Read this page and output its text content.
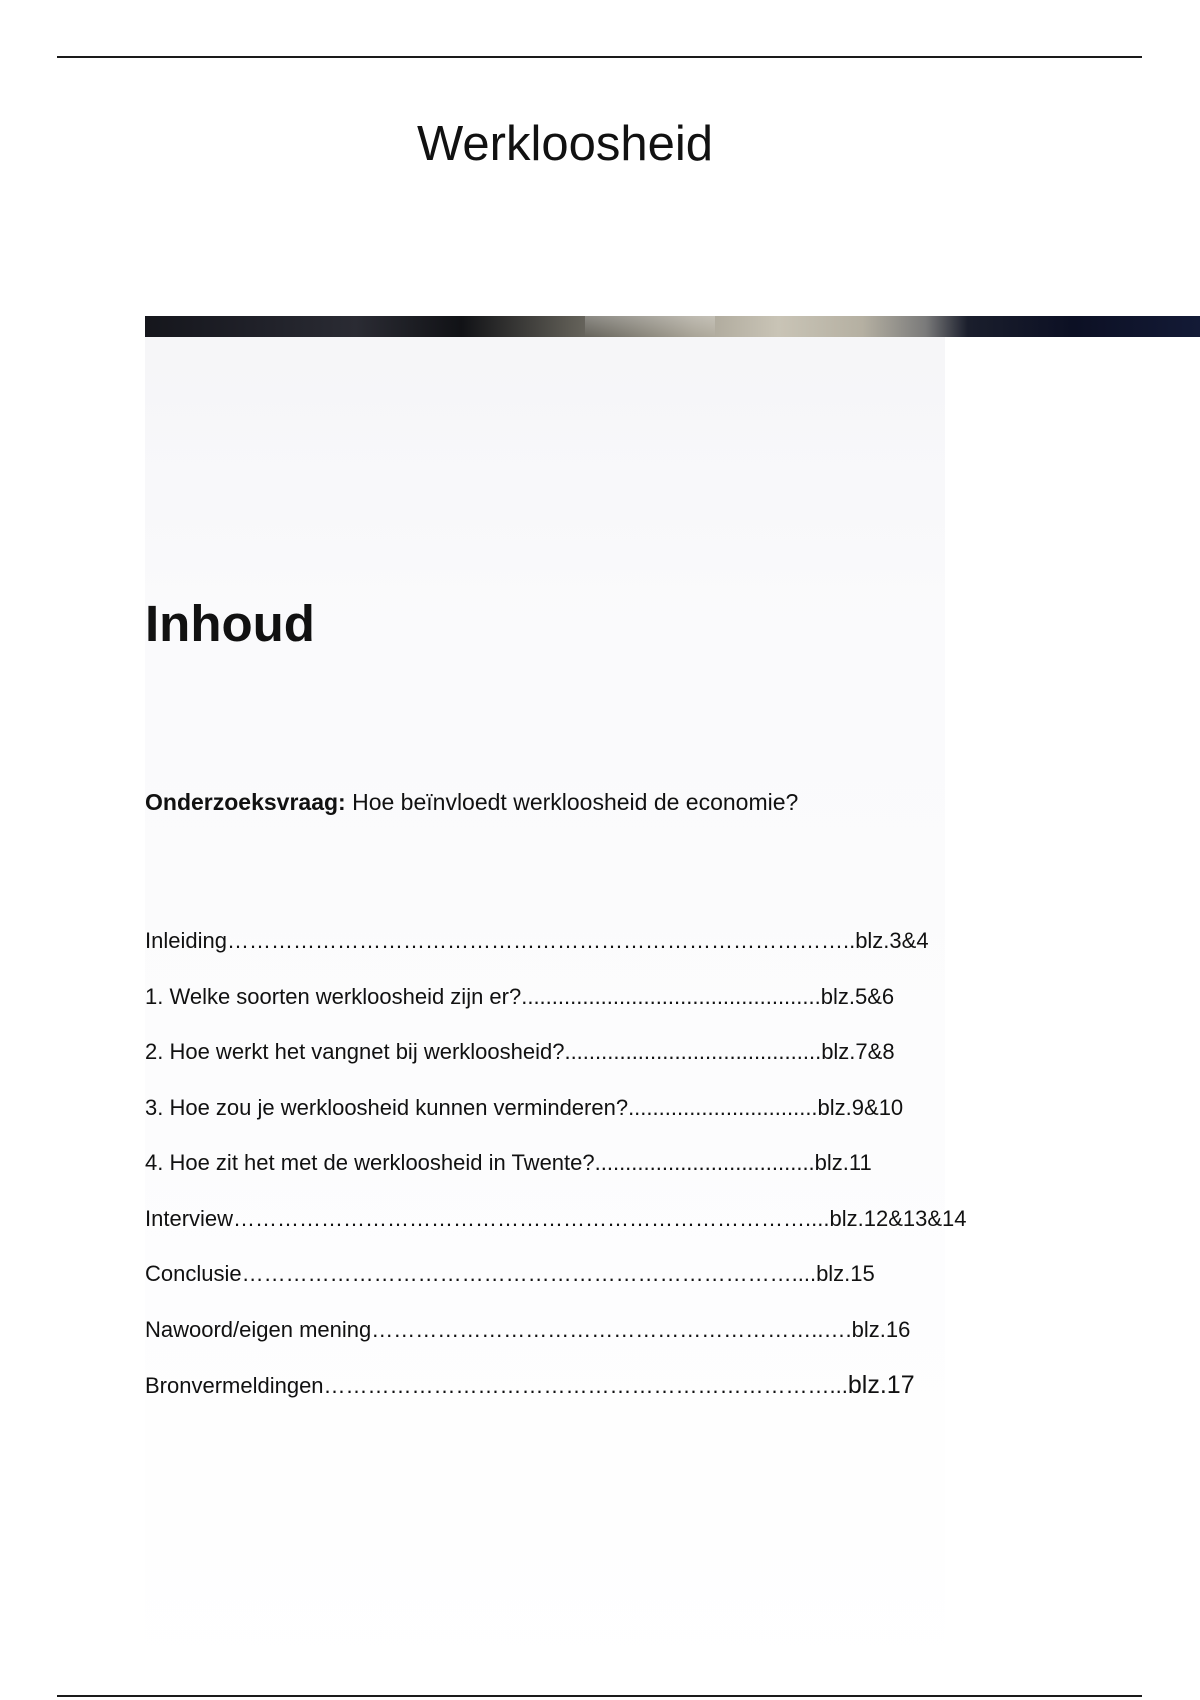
Werkloosheid
Inhoud
Onderzoeksvraag: Hoe beïnvloedt werkloosheid de economie?
Inleiding…………………………………………………………………………..blz.3&4
1. Welke soorten werkloosheid zijn er?.................................................blz.5&6
2. Hoe werkt het vangnet bij werkloosheid?..........................................blz.7&8
3. Hoe zou je werkloosheid kunnen verminderen?...............................blz.9&10
4. Hoe zit het met de werkloosheid in Twente?....................................blz.11
Interview……………………………………………………………………....blz.12&13&14
Conclusie…………………………………………………………………....blz.15
Nawoord/eigen mening……………………………………………………..….blz.16
Bronvermeldingen……………………………………………………………...blz.17
